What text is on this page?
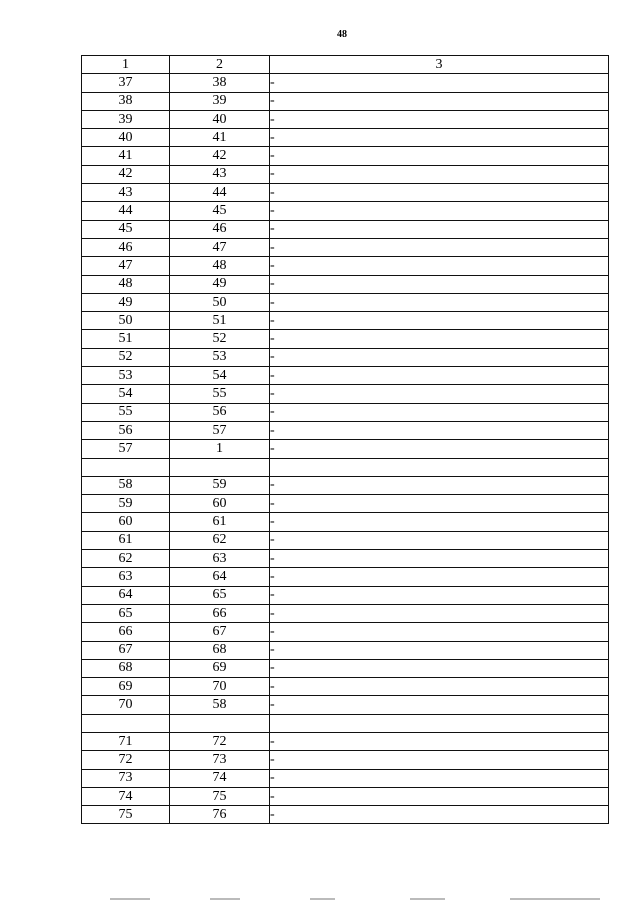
48
1	2	3
37	38	-
38	39	-
39	40	-
40	41	-
41	42	-
42	43	-
43	44	-
44	45	-
45	46	-
46	47	-
47	48	-
48	49	-
49	50	-
50	51	-
51	52	-
52	53	-
53	54	-
54	55	-
55	56	-
56	57	-
57	1	-

58	59	-
59	60	-
60	61	-
61	62	-
62	63	-
63	64	-
64	65	-
65	66	-
66	67	-
67	68	-
68	69	-
69	70	-
70	58	-

71	72	-
72	73	-
73	74	-
74	75	-
75	76	-
